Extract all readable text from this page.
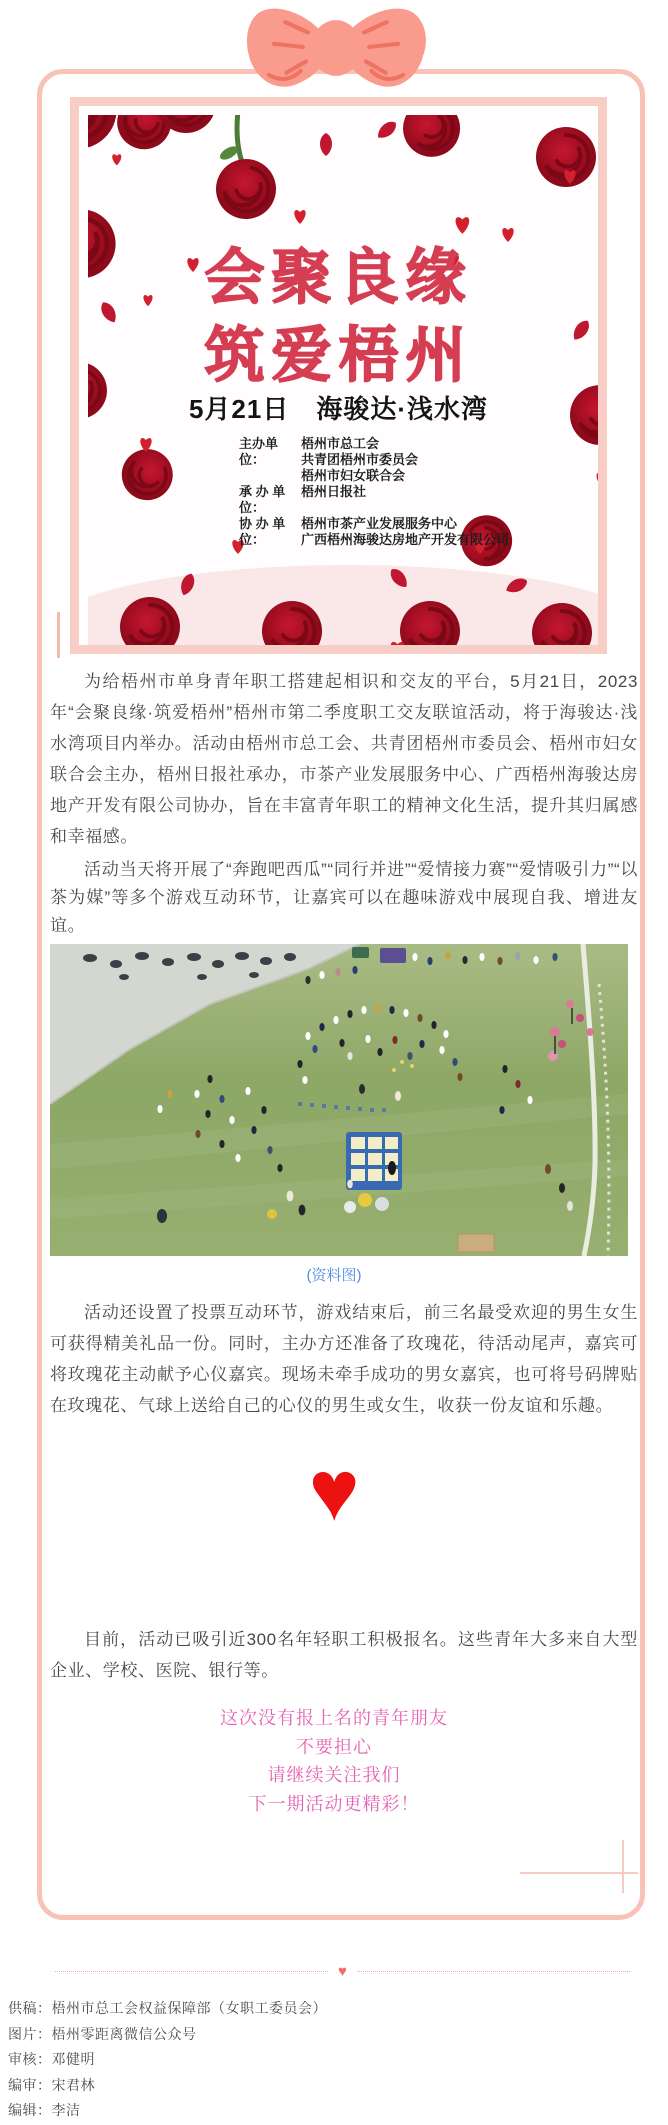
会聚良缘
筑爱梧州
5月21日　海骏达·浅水湾
主办单位：
梧州市总工会
共青团梧州市委员会
梧州市妇女联合会
承 办 单 位：
梧州日报社
协 办 单 位：
梧州市茶产业发展服务中心
广西梧州海骏达房地产开发有限公司
为给梧州市单身青年职工搭建起相识和交友的平台，5月21日，2023年“会聚良缘·筑爱梧州”梧州市第二季度职工交友联谊活动，将于海骏达·浅水湾项目内举办。活动由梧州市总工会、共青团梧州市委员会、梧州市妇女联合会主办，梧州日报社承办，市茶产业发展服务中心、广西梧州海骏达房地产开发有限公司协办，旨在丰富青年职工的精神文化生活，提升其归属感和幸福感。
活动当天将开展了“奔跑吧西瓜”“同行并进”“爱情接力赛”“爱情吸引力”“以茶为媒”等多个游戏互动环节，让嘉宾可以在趣味游戏中展现自我、增进友谊。
(资料图)
活动还设置了投票互动环节，游戏结束后，前三名最受欢迎的男生女生可获得精美礼品一份。同时，主办方还准备了玫瑰花，待活动尾声，嘉宾可将玫瑰花主动献予心仪嘉宾。现场未牵手成功的男女嘉宾，也可将号码牌贴在玫瑰花、气球上送给自己的心仪的男生或女生，收获一份友谊和乐趣。
♥
目前，活动已吸引近300名年轻职工积极报名。这些青年大多来自大型企业、学校、医院、银行等。
这次没有报上名的青年朋友
不要担心
请继续关注我们
下一期活动更精彩！
♥
供稿：梧州市总工会权益保障部（女职工委员会）
图片：梧州零距离微信公众号
审核：邓健明
编审：宋君林
编辑：李洁
